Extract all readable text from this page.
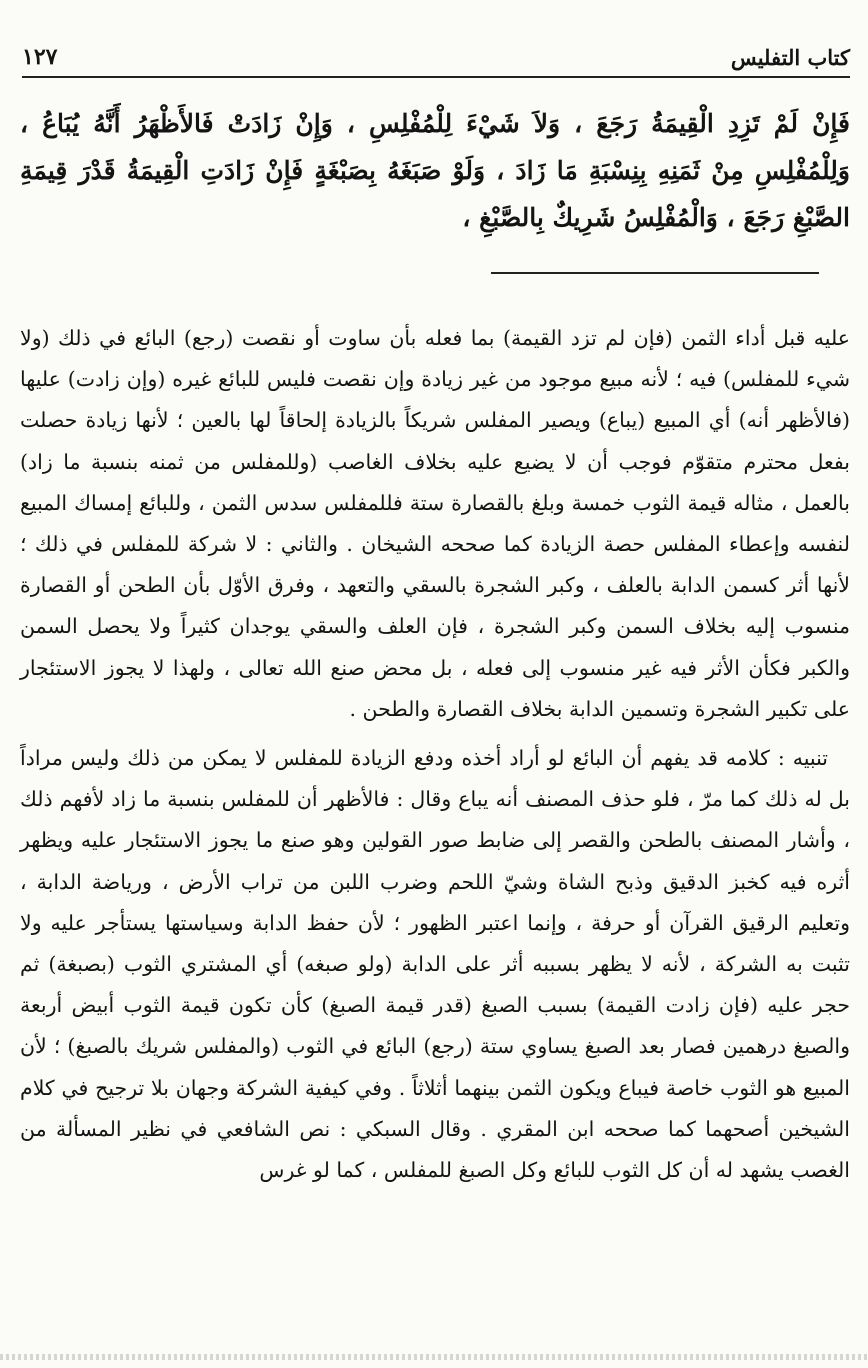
كتاب التفليس
١٢٧

فَإِنْ لَمْ تَزِدِ الْقِيمَةُ رَجَعَ ، وَلاَ شَيْءَ لِلْمُفْلِسِ ، وَإِنْ زَادَتْ فَالأَظْهَرُ أَنَّهُ يُبَاعُ ، وَلِلْمُفْلِسِ مِنْ ثَمَنِهِ بِنِسْبَةِ مَا زَادَ ، وَلَوْ صَبَغَهُ بِصَبْغَةٍ فَإِنْ زَادَتِ الْقِيمَةُ قَدْرَ قِيمَةِ الصَّبْغِ رَجَعَ ، وَالْمُفْلِسُ شَرِيكٌ بِالصَّبْغِ ،

عليه قبل أداء الثمن (فإن لم تزد القيمة) بما فعله بأن ساوت أو نقصت (رجع) البائع في ذلك (ولا شيء للمفلس) فيه ؛ لأنه مبيع موجود من غير زيادة وإن نقصت فليس للبائع غيره (وإن زادت) عليها (فالأظهر أنه) أي المبيع (يباع) ويصير المفلس شريكاً بالزيادة إلحاقاً لها بالعين ؛ لأنها زيادة حصلت بفعل محترم متقوّم فوجب أن لا يضيع عليه بخلاف الغاصب (وللمفلس من ثمنه بنسبة ما زاد) بالعمل ، مثاله قيمة الثوب خمسة وبلغ بالقصارة ستة فللمفلس سدس الثمن ، وللبائع إمساك المبيع لنفسه وإعطاء المفلس حصة الزيادة كما صححه الشيخان . والثاني : لا شركة للمفلس في ذلك ؛ لأنها أثر كسمن الدابة بالعلف ، وكبر الشجرة بالسقي والتعهد ، وفرق الأوّل بأن الطحن أو القصارة منسوب إليه بخلاف السمن وكبر الشجرة ، فإن العلف والسقي يوجدان كثيراً ولا يحصل السمن والكبر فكأن الأثر فيه غير منسوب إلى فعله ، بل محض صنع الله تعالى ، ولهذا لا يجوز الاستئجار على تكبير الشجرة وتسمين الدابة بخلاف القصارة والطحن .

تنبيه : كلامه قد يفهم أن البائع لو أراد أخذه ودفع الزيادة للمفلس لا يمكن من ذلك وليس مراداً بل له ذلك كما مرّ ، فلو حذف المصنف أنه يباع وقال : فالأظهر أن للمفلس بنسبة ما زاد لأفهم ذلك ، وأشار المصنف بالطحن والقصر إلى ضابط صور القولين وهو صنع ما يجوز الاستئجار عليه ويظهر أثره فيه كخبز الدقيق وذبح الشاة وشيّ اللحم وضرب اللبن من تراب الأرض ، ورياضة الدابة ، وتعليم الرقيق القرآن أو حرفة ، وإنما اعتبر الظهور ؛ لأن حفظ الدابة وسياستها يستأجر عليه ولا تثبت به الشركة ، لأنه لا يظهر بسببه أثر على الدابة (ولو صبغه) أي المشتري الثوب (بصبغة) ثم حجر عليه (فإن زادت القيمة) بسبب الصبغ (قدر قيمة الصبغ) كأن تكون قيمة الثوب أبيض أربعة والصبغ درهمين فصار بعد الصبغ يساوي ستة (رجع) البائع في الثوب (والمفلس شريك بالصبغ) ؛ لأن المبيع هو الثوب خاصة فيباع ويكون الثمن بينهما أثلاثاً . وفي كيفية الشركة وجهان بلا ترجيح في كلام الشيخين أصحهما كما صححه ابن المقري . وقال السبكي : نص الشافعي في نظير المسألة من الغصب يشهد له أن كل الثوب للبائع وكل الصبغ للمفلس ، كما لو غرس
